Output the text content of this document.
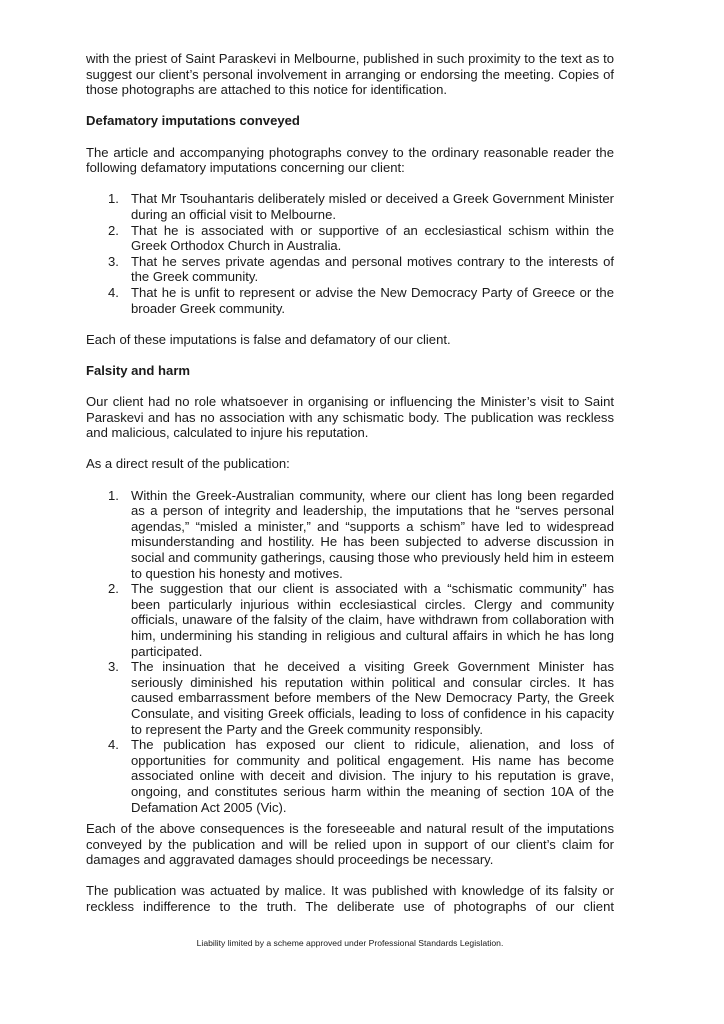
with the priest of Saint Paraskevi in Melbourne, published in such proximity to the text as to suggest our client’s personal involvement in arranging or endorsing the meeting. Copies of those photographs are attached to this notice for identification.

Defamatory imputations conveyed

The article and accompanying photographs convey to the ordinary reasonable reader the following defamatory imputations concerning our client:

1. That Mr Tsouhantaris deliberately misled or deceived a Greek Government Minister during an official visit to Melbourne.
2. That he is associated with or supportive of an ecclesiastical schism within the Greek Orthodox Church in Australia.
3. That he serves private agendas and personal motives contrary to the interests of the Greek community.
4. That he is unfit to represent or advise the New Democracy Party of Greece or the broader Greek community.

Each of these imputations is false and defamatory of our client.

Falsity and harm

Our client had no role whatsoever in organising or influencing the Minister’s visit to Saint Paraskevi and has no association with any schismatic body. The publication was reckless and malicious, calculated to injure his reputation.

As a direct result of the publication:

1. Within the Greek-Australian community, where our client has long been regarded as a person of integrity and leadership, the imputations that he “serves personal agendas,” “misled a minister,” and “supports a schism” have led to widespread misunderstanding and hostility. He has been subjected to adverse discussion in social and community gatherings, causing those who previously held him in esteem to question his honesty and motives.
2. The suggestion that our client is associated with a “schismatic community” has been particularly injurious within ecclesiastical circles. Clergy and community officials, unaware of the falsity of the claim, have withdrawn from collaboration with him, undermining his standing in religious and cultural affairs in which he has long participated.
3. The insinuation that he deceived a visiting Greek Government Minister has seriously diminished his reputation within political and consular circles. It has caused embarrassment before members of the New Democracy Party, the Greek Consulate, and visiting Greek officials, leading to loss of confidence in his capacity to represent the Party and the Greek community responsibly.
4. The publication has exposed our client to ridicule, alienation, and loss of opportunities for community and political engagement. His name has become associated online with deceit and division. The injury to his reputation is grave, ongoing, and constitutes serious harm within the meaning of section 10A of the Defamation Act 2005 (Vic).

Each of the above consequences is the foreseeable and natural result of the imputations conveyed by the publication and will be relied upon in support of our client’s claim for damages and aggravated damages should proceedings be necessary.

The publication was actuated by malice. It was published with knowledge of its falsity or reckless indifference to the truth. The deliberate use of photographs of our client

Liability limited by a scheme approved under Professional Standards Legislation.
